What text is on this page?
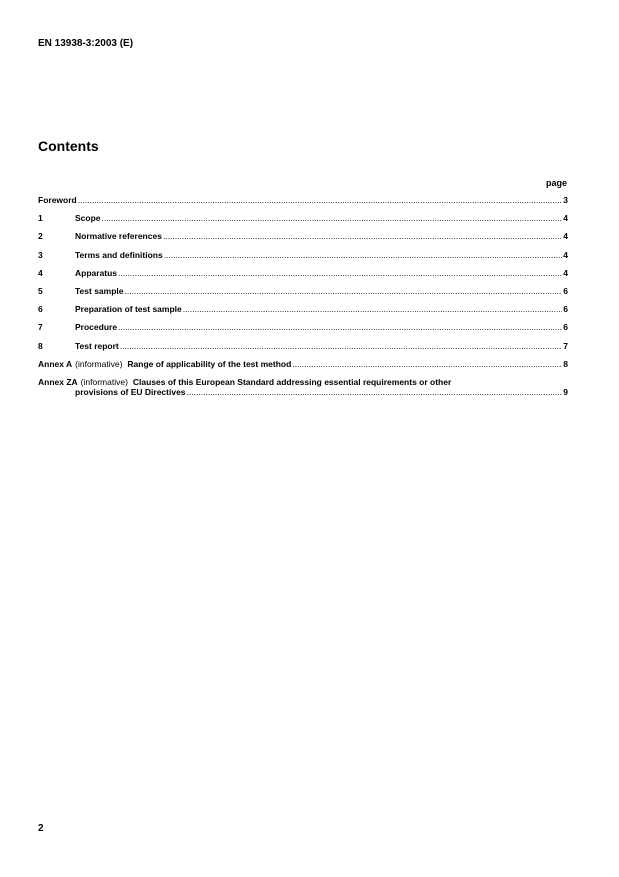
EN 13938-3:2003 (E)
Contents
page
Foreword .....	3
1	Scope .....	4
2	Normative references .....	4
3	Terms and definitions .....	4
4	Apparatus .....	4
5	Test sample .....	6
6	Preparation of test sample .....	6
7	Procedure .....	6
8	Test report .....	7
Annex A (informative) Range of applicability of the test method .....	8
Annex ZA (informative) Clauses of this European Standard addressing essential requirements or other
provisions of EU Directives .....	9
2
